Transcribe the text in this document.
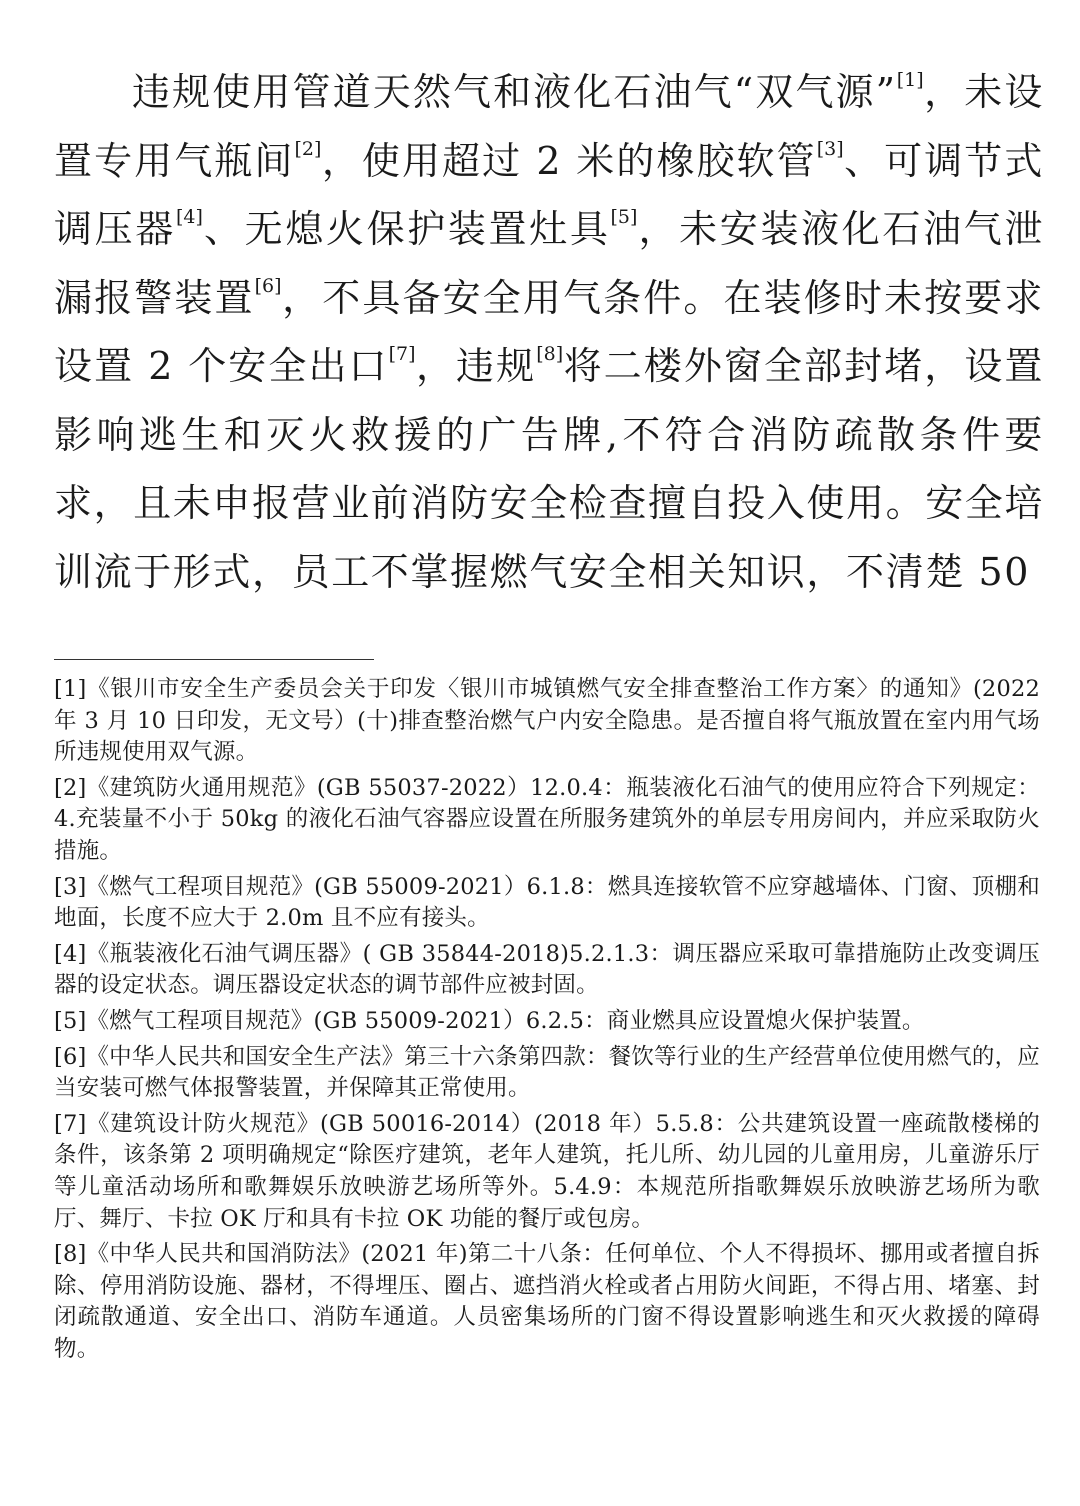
违规使用管道天然气和液化石油气“双气源”[1]，未设置专用气瓶间[2]，使用超过 2 米的橡胶软管[3]、可调节式调压器[4]、无熄火保护装置灶具[5]，未安装液化石油气泄漏报警装置[6]，不具备安全用气条件。在装修时未按要求设置 2 个安全出口[7]，违规[8]将二楼外窗全部封堵，设置影响逃生和灭火救援的广告牌,不符合消防疏散条件要求，且未申报营业前消防安全检查擅自投入使用。安全培训流于形式，员工不掌握燃气安全相关知识，不清楚 50

[1]《银川市安全生产委员会关于印发〈银川市城镇燃气安全排查整治工作方案〉的通知》(2022 年 3 月 10 日印发，无文号）(十)排查整治燃气户内安全隐患。是否擅自将气瓶放置在室内用气场所违规使用双气源。
[2]《建筑防火通用规范》(GB 55037-2022）12.0.4：瓶装液化石油气的使用应符合下列规定：4.充装量不小于 50kg 的液化石油气容器应设置在所服务建筑外的单层专用房间内，并应采取防火措施。
[3]《燃气工程项目规范》(GB 55009-2021）6.1.8：燃具连接软管不应穿越墙体、门窗、顶棚和地面，长度不应大于 2.0m 且不应有接头。
[4]《瓶装液化石油气调压器》( GB 35844-2018)5.2.1.3：调压器应采取可靠措施防止改变调压器的设定状态。调压器设定状态的调节部件应被封固。
[5]《燃气工程项目规范》(GB 55009-2021）6.2.5：商业燃具应设置熄火保护装置。
[6]《中华人民共和国安全生产法》第三十六条第四款：餐饮等行业的生产经营单位使用燃气的，应当安装可燃气体报警装置，并保障其正常使用。
[7]《建筑设计防火规范》(GB 50016-2014）(2018 年）5.5.8：公共建筑设置一座疏散楼梯的条件，该条第 2 项明确规定“除医疗建筑，老年人建筑，托儿所、幼儿园的儿童用房，儿童游乐厅等儿童活动场所和歌舞娱乐放映游艺场所等外。5.4.9：本规范所指歌舞娱乐放映游艺场所为歌厅、舞厅、卡拉 OK 厅和具有卡拉 OK 功能的餐厅或包房。
[8]《中华人民共和国消防法》(2021 年)第二十八条：任何单位、个人不得损坏、挪用或者擅自拆除、停用消防设施、器材，不得埋压、圈占、遮挡消火栓或者占用防火间距，不得占用、堵塞、封闭疏散通道、安全出口、消防车通道。人员密集场所的门窗不得设置影响逃生和灭火救援的障碍物。
